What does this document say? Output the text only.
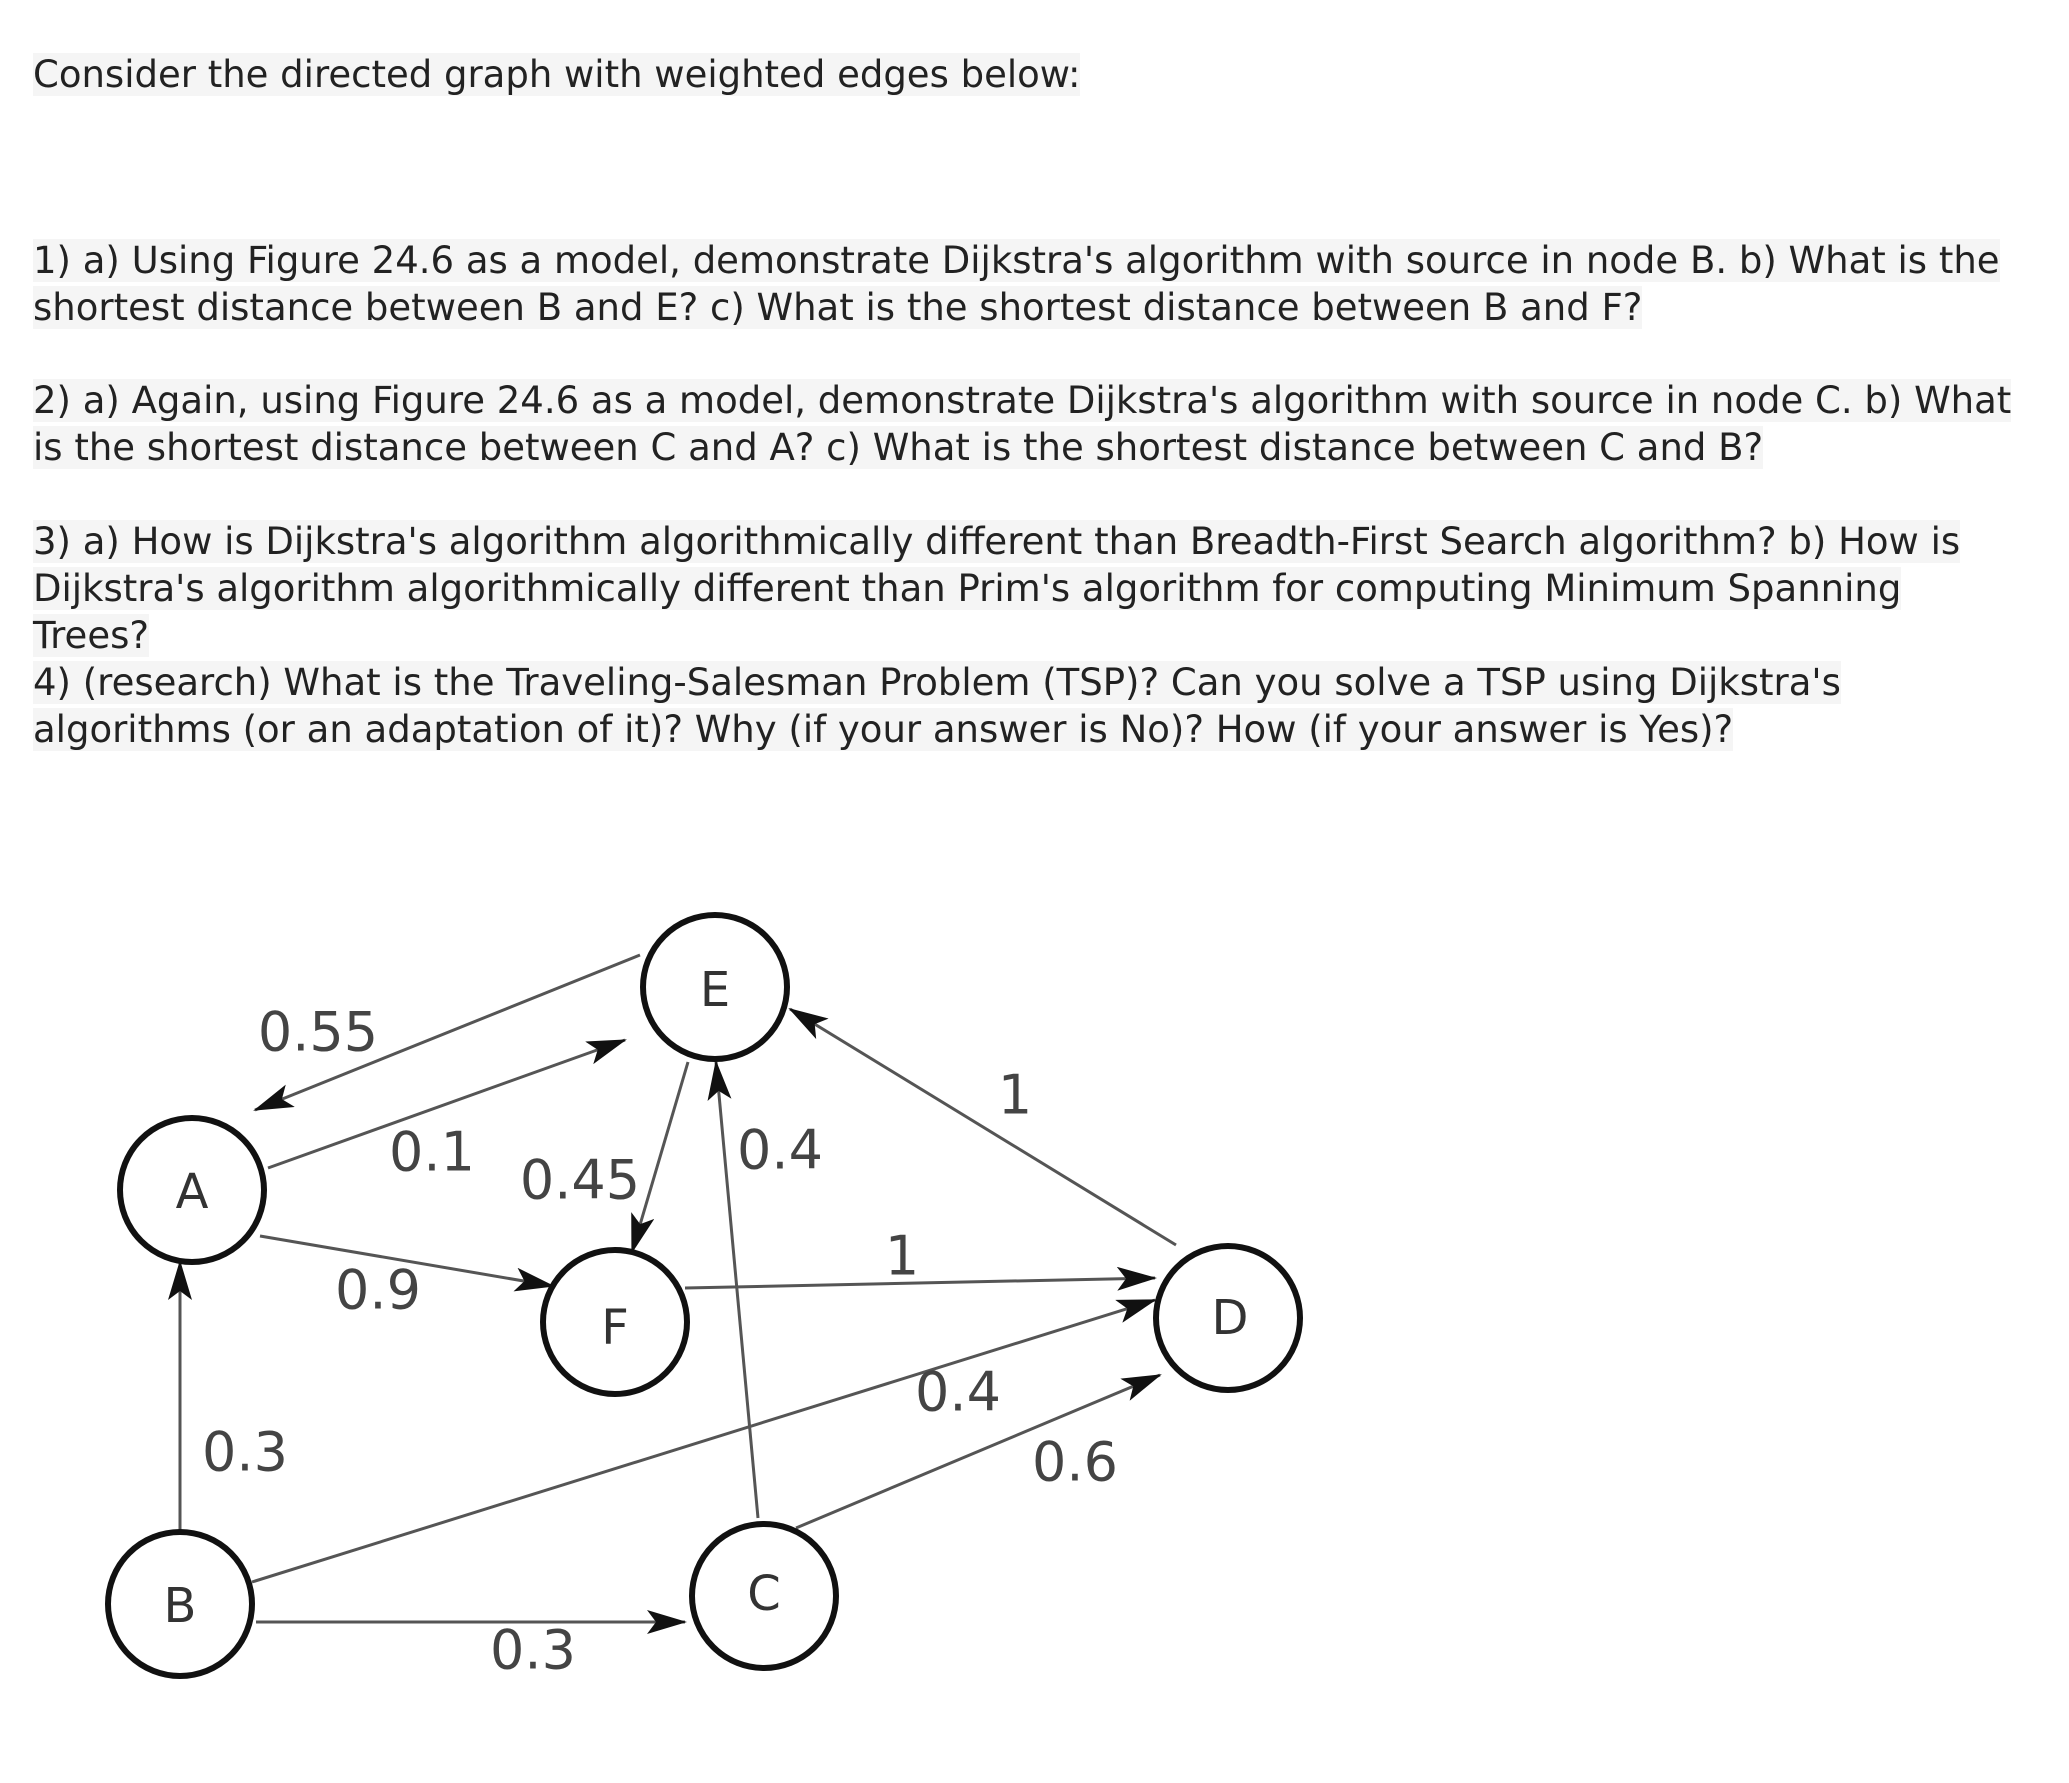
Consider the directed graph with weighted edges below:
1) a) Using Figure 24.6 as a model, demonstrate Dijkstra's algorithm with source in node B. b) What is the shortest distance between B and E? c) What is the shortest distance between B and F?
2) a) Again, using Figure 24.6 as a model, demonstrate Dijkstra's algorithm with source in node C. b) What is the shortest distance between C and A? c) What is the shortest distance between C and B?
3) a) How is Dijkstra's algorithm algorithmically different than Breadth-First Search algorithm? b) How is Dijkstra's algorithm algorithmically different than Prim's algorithm for computing Minimum Spanning Trees?
4) (research) What is the Traveling-Salesman Problem (TSP)? Can you solve a TSP using Dijkstra's algorithms (or an adaptation of it)? Why (if your answer is No)? How (if your answer is Yes)?
0.55
0.1
0.9
0.45 0.4
1
1
0.4
0.6
0.3
0.3
A
B	C
D
E
F
